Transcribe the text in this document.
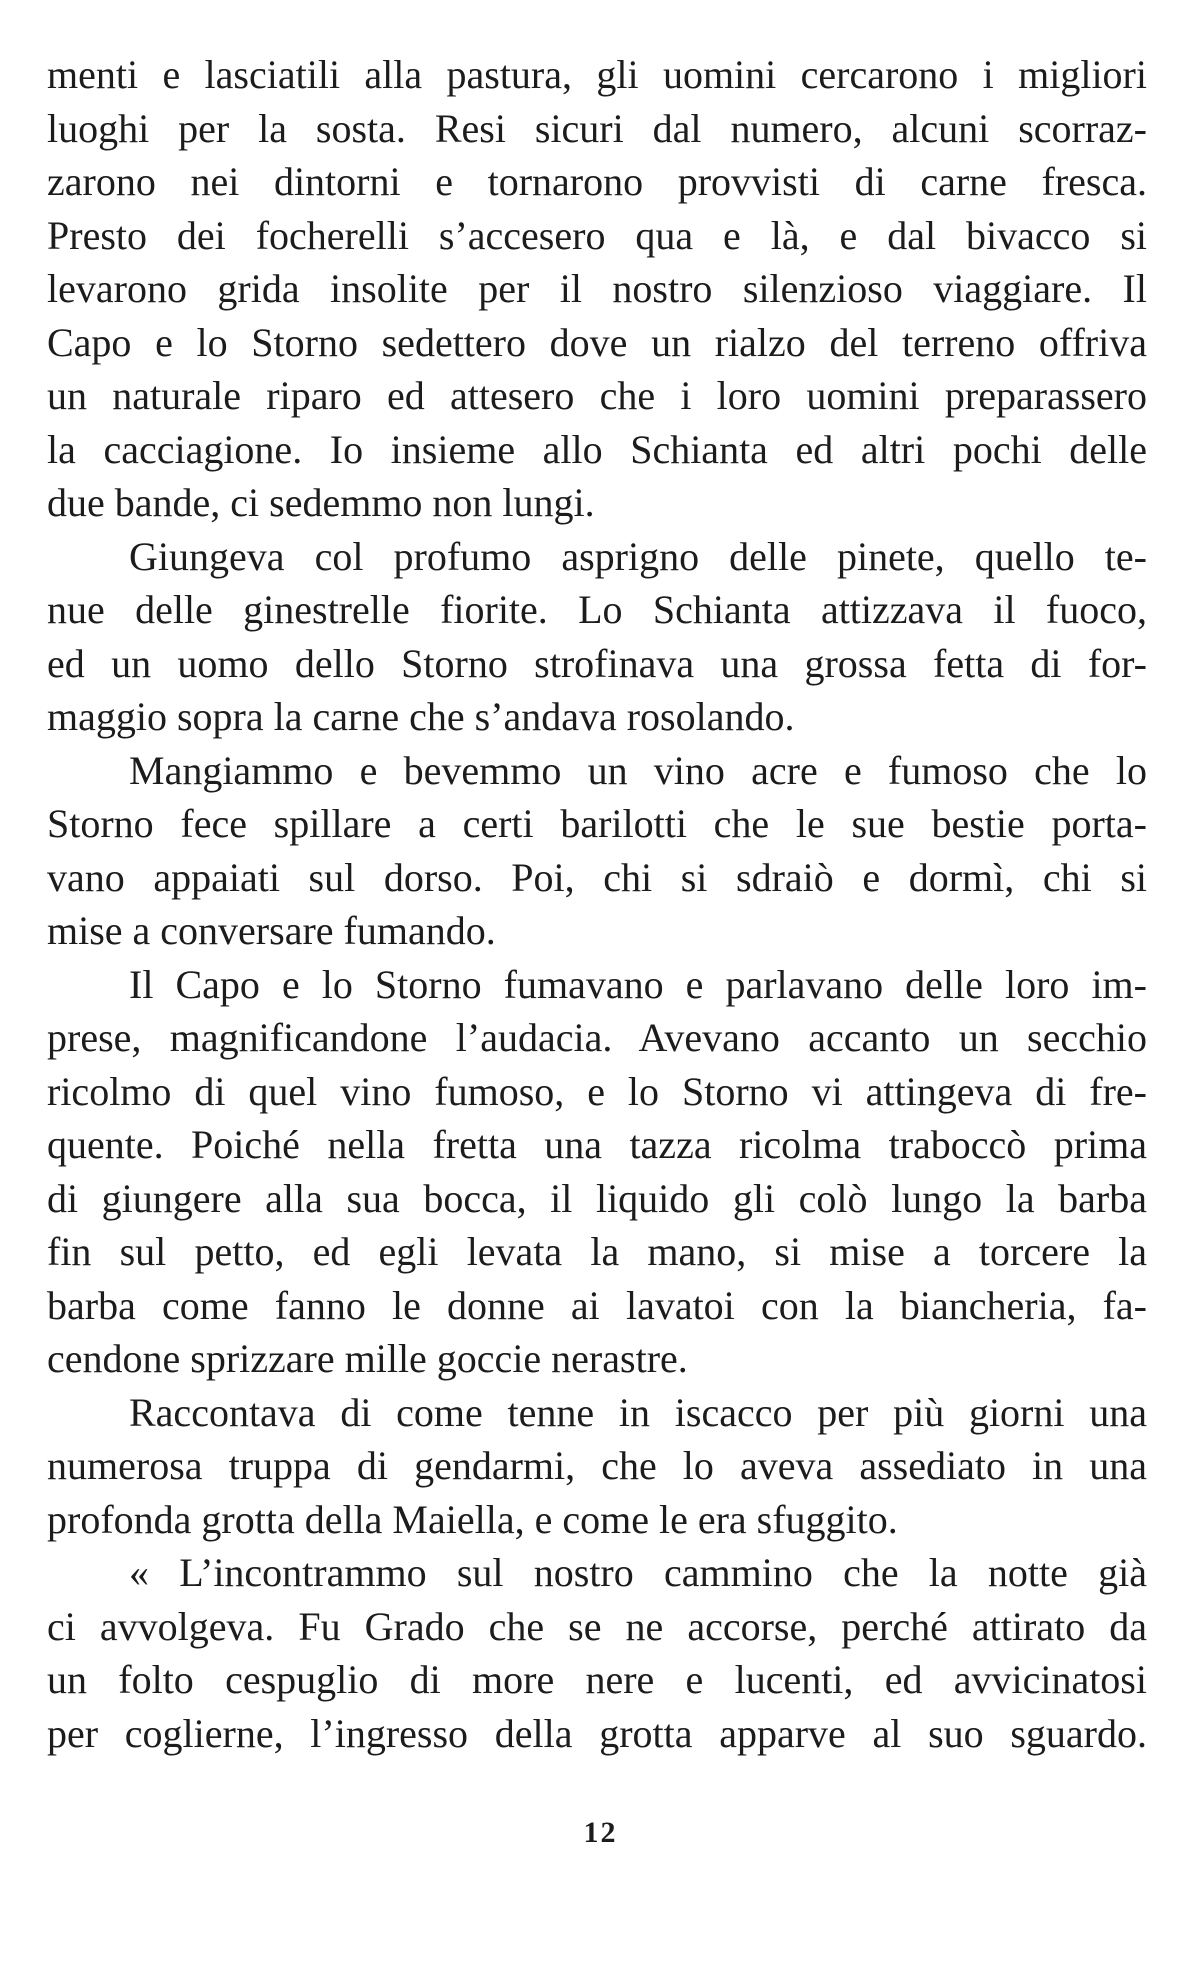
menti e lasciatili alla pastura, gli uomini cercarono i migliori
luoghi per la sosta. Resi sicuri dal numero, alcuni scorraz-
zarono nei dintorni e tornarono provvisti di carne fresca.
Presto dei focherelli s’accesero qua e là, e dal bivacco si
levarono grida insolite per il nostro silenzioso viaggiare. Il
Capo e lo Storno sedettero dove un rialzo del terreno offriva
un naturale riparo ed attesero che i loro uomini preparassero
la cacciagione. Io insieme allo Schianta ed altri pochi delle
due bande, ci sedemmo non lungi.
Giungeva col profumo asprigno delle pinete, quello te-
nue delle ginestrelle fiorite. Lo Schianta attizzava il fuoco,
ed un uomo dello Storno strofinava una grossa fetta di for-
maggio sopra la carne che s’andava rosolando.
Mangiammo e bevemmo un vino acre e fumoso che lo
Storno fece spillare a certi barilotti che le sue bestie porta-
vano appaiati sul dorso. Poi, chi si sdraiò e dormì, chi si
mise a conversare fumando.
Il Capo e lo Storno fumavano e parlavano delle loro im-
prese, magnificandone l’audacia. Avevano accanto un secchio
ricolmo di quel vino fumoso, e lo Storno vi attingeva di fre-
quente. Poiché nella fretta una tazza ricolma traboccò prima
di giungere alla sua bocca, il liquido gli colò lungo la barba
fin sul petto, ed egli levata la mano, si mise a torcere la
barba come fanno le donne ai lavatoi con la biancheria, fa-
cendone sprizzare mille goccie nerastre.
Raccontava di come tenne in iscacco per più giorni una
numerosa truppa di gendarmi, che lo aveva assediato in una
profonda grotta della Maiella, e come le era sfuggito.
« L’incontrammo sul nostro cammino che la notte già
ci avvolgeva. Fu Grado che se ne accorse, perché attirato da
un folto cespuglio di more nere e lucenti, ed avvicinatosi
per coglierne, l’ingresso della grotta apparve al suo sguardo.
12
